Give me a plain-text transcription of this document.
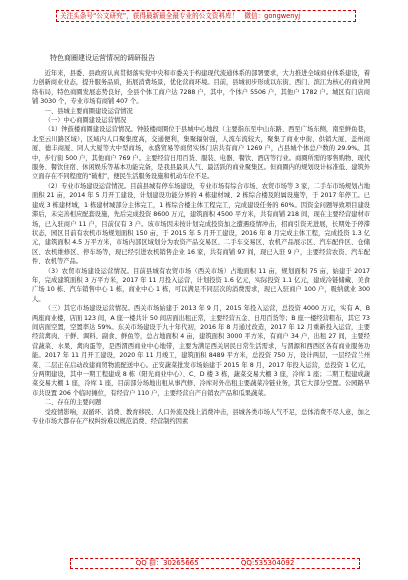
关注头条号“公文研究”，获得最新最全最专业的公文资料库！ 微信：gongwenyj
特色商圈建设运营情况的调研报告

近年来，县委、县政府认真贯彻落实党中央和市委关于构建现代流通体系的部署要求，大力推进全域商业体系建设，着力创新商业业态，提升服务品质，拓展消费场景，优化营商环境。目前，县城初步形成以东街、西门、滨江为核心的商业网络布局，特色商圈发展态势良好，全县个体工商户达 7288 户，其中，个体户 5506 户，其他户 1782 户。城区有门店商铺 3030 个，专业市场有商铺 407 个。

一、县城主要商圈建设运营情况

（一）中心商圈建设运营情况

（1）钟鼓楼商圈建设运营情况。钟鼓楼商圈位于县城中心地段（主要指东至中山东路、西至广场东侧，南至鲜鱼巷，北至云川路区域），区域内人口聚集度高，交通便利，集聚辐射强，人流车流较大，聚集了商业中街、供销大厦、盖州商厦、德丰商厦、同人大厦等大中型商场，永盛贸易等商贸实体门店共有商户 1269 户，占县城个体总户数的 29.9%。其中，步行街 500 户，其他商户 769 户。主要经营日用百货、服装、电器、餐饮、酒店等行业。商圈所需的零售购物、现代服务、餐饮住宿、休闲娱乐等基本功能完备，是我县最具人气、最活跃的商业聚集区。但商圈内的规划设计标准低、建筑外立面存在不同程度的“破相”，便民生活服务设施和机动车位不足。

（2）专业市场建设运营情况。目前县城有停车场建设，专业市场有综合市场、农贸市场等 3 家，二手车市场规划占地面积 21 亩，2014 年 5 月开工建设，计划建设功能分界的 4 栋建材城、2 栋综合楼及附属设施等，于 2017 年停工。已建成 3 栋建材城，1 栋建材城部分主体完工，1 栋综合楼主体工程完工，完成建设任务的 60%。因资金问题导致项目建设滞后，未完善相应配套设施，先后完成投资 8600 万元，建筑面积 4500 平方米，共有商铺 218 间，现在主要经营建材市场，已入驻商户 11 户，目前仅有 3 户。该市场因未按计划完成投资加之遭遇疫情冲击，招商引资无进展，长期处于停滞状态，园区目前有农机市场规划面积 150 亩，于 2015 年 5 月开工建设，2016 年 8 月完成主体工程，完成投资 1.3 亿元，建筑面积 4.5 万平方米，市场内部区域划分为农资产品交易区、二手车交易区、农机产品展示区、汽车配件区、仓储区、农机维修区、停车场等，现已经引进农机销售企业 16 家，共有商铺 97 间，现已入驻 9 户，主要经营农资、汽车配件、农机等产品。

（3）农贸市场建设运营情况。目前县城有农贸市场（西关市场）占地面积 11 亩，规划面积 75 亩，始建于 2017 年，完成建筑面积 3 万平方米，2017 年 11 月投入运营，计划投资 1.6 亿元，实际投资 1.1 亿元，建成冷链储藏、美食广场 10 栋、汽车销售中心 1 栋，商业中心 1 栋，可以满足不同层次的消费需求，现已入驻商户 100 户，吸纳就业 300 人。

（三）其它市场建设运营情况。西关市场始建于 2013 年 9 月，2015 年投入运营，总投资 4000 万元，实有 A、B 两座商业楼，店面 123 间，A 座一楼共计 50 间店面出租正常，主要经营五金、日用百货等；B 座一楼经营粗布，其它 73 间店面空置，空置率达 59%。东关市场建设于九十年代初，2016 年 8 月通过改造，2017 年 12 月重新投入运营，主要经营禽肉、干鲜、调料、副食、鲜鱼等，总占地面积 4 亩，建筑面积 3000 平方米，有商户 34 户，出租 27 间，主要经营蔬菜、水果、禽肉蛋等，是西渭西商业中心地带，主要为满足西关居民日常生活需求，与渭源和西西区各有商业服务功能。2017 年 11 月开工建设，2020 年 11 月竣工，建筑面积 8489 平方米，总投资 750 万，设计两层，一层经营兰州菜、二层正在启动改建商贸物流配送中心。正安蔬菜批发市场始建于 2015 年 8 月，2017 年投入运营，总投资 1 亿元，分两期建设，其中一期工程建成 8 栋（阳光商业中心）、C、D 楼 3 栋，蔬菜交易大棚 3 座，冷库 1 座；二期工程建成蔬菜交易大棚 1 座，冷库 1 座，目前部分场地出租从事汽修、冷库对外出租主要蔬菜冷链业务，其它大部分空置。公园路早市共设置 206 个临时摊位，有经营户 110 户，主要经营自产自销农产品和瓜果蔬菜。

二、存在的主要问题

受疫情影响，双循环、消费、教育移民、人口外流及线上消费冲击，县城各类市场人气不足，总体消费不尽人意，加之专业市场大都存在产权纠纷难以规范消费、经营制约因素

QQ 群：30265665	QQ:535304092
